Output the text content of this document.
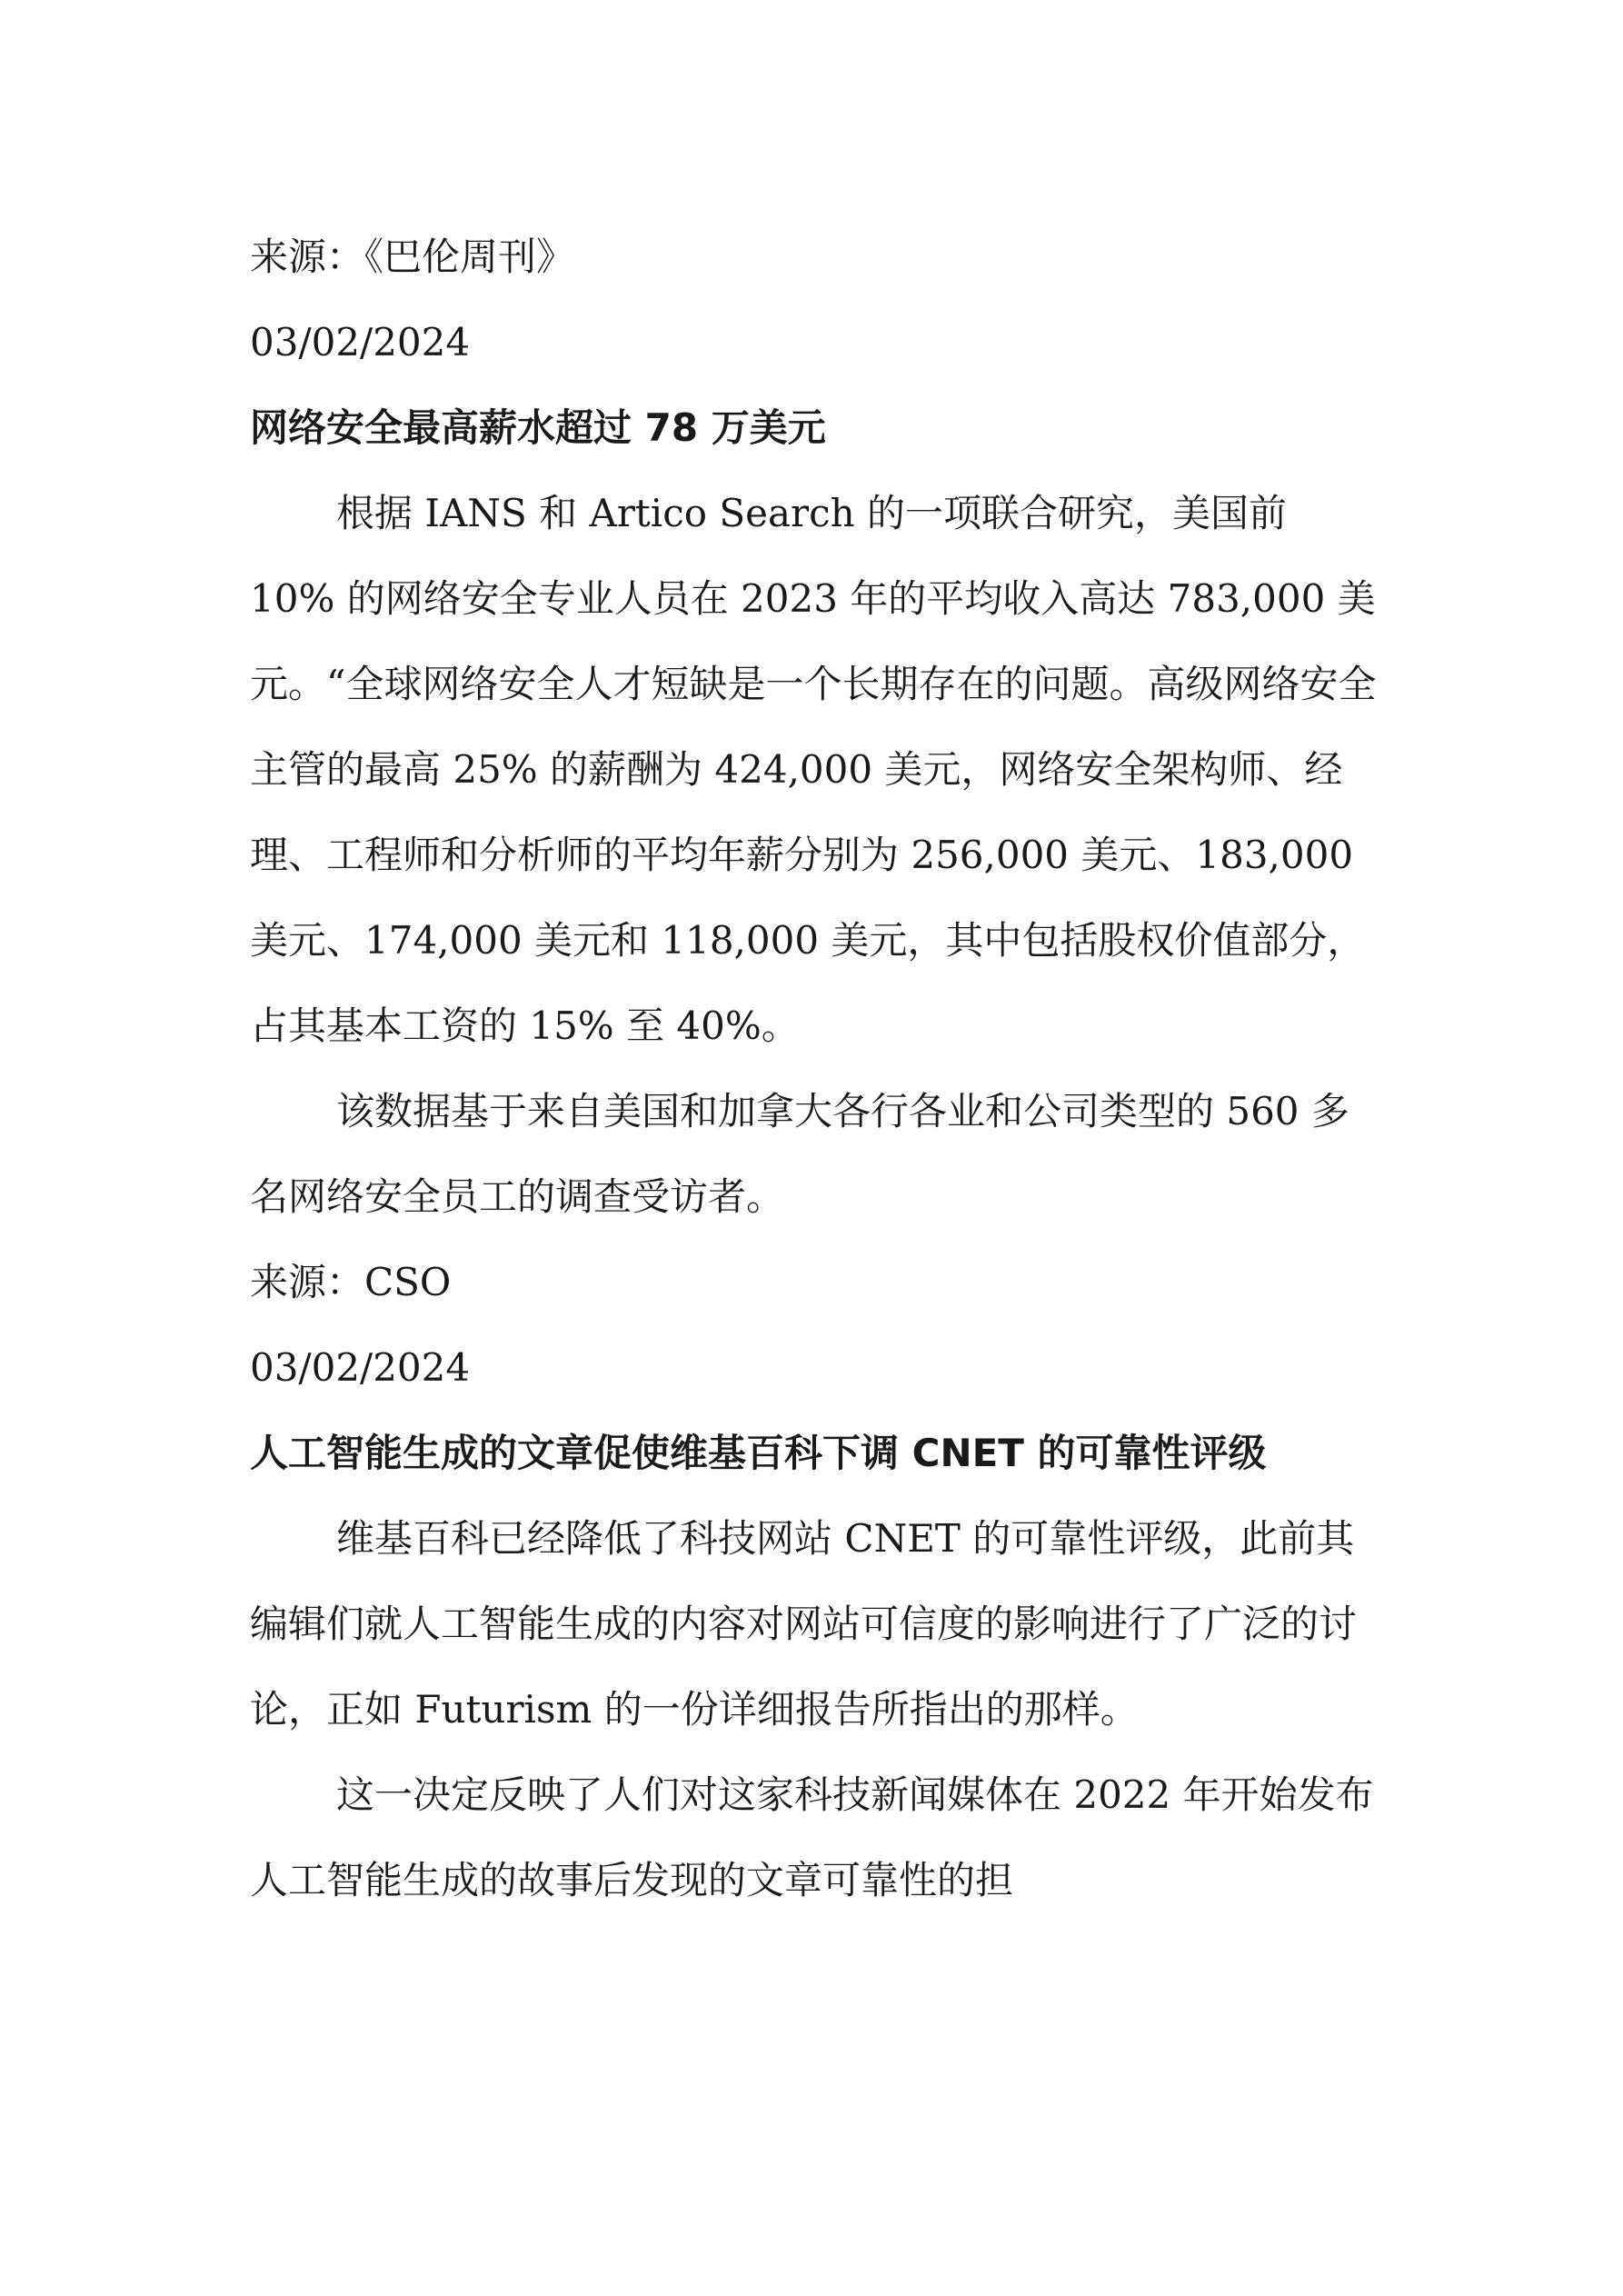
来源：《巴伦周刊》
03/02/2024
网络安全最高薪水超过 78 万美元

根据 IANS 和 Artico Search 的一项联合研究，美国前 10% 的网络安全专业人员在 2023 年的平均收入高达 783,000 美元。“全球网络安全人才短缺是一个长期存在的问题。高级网络安全主管的最高 25% 的薪酬为 424,000 美元，网络安全架构师、经理、工程师和分析师的平均年薪分别为 256,000 美元、183,000 美元、174,000 美元和 118,000 美元，其中包括股权价值部分，占其基本工资的 15% 至 40%。

该数据基于来自美国和加拿大各行各业和公司类型的 560 多名网络安全员工的调查受访者。

来源：CSO
03/02/2024
人工智能生成的文章促使维基百科下调 CNET 的可靠性评级

维基百科已经降低了科技网站 CNET 的可靠性评级，此前其编辑们就人工智能生成的内容对网站可信度的影响进行了广泛的讨论，正如 Futurism 的一份详细报告所指出的那样。

这一决定反映了人们对这家科技新闻媒体在 2022 年开始发布人工智能生成的故事后发现的文章可靠性的担
